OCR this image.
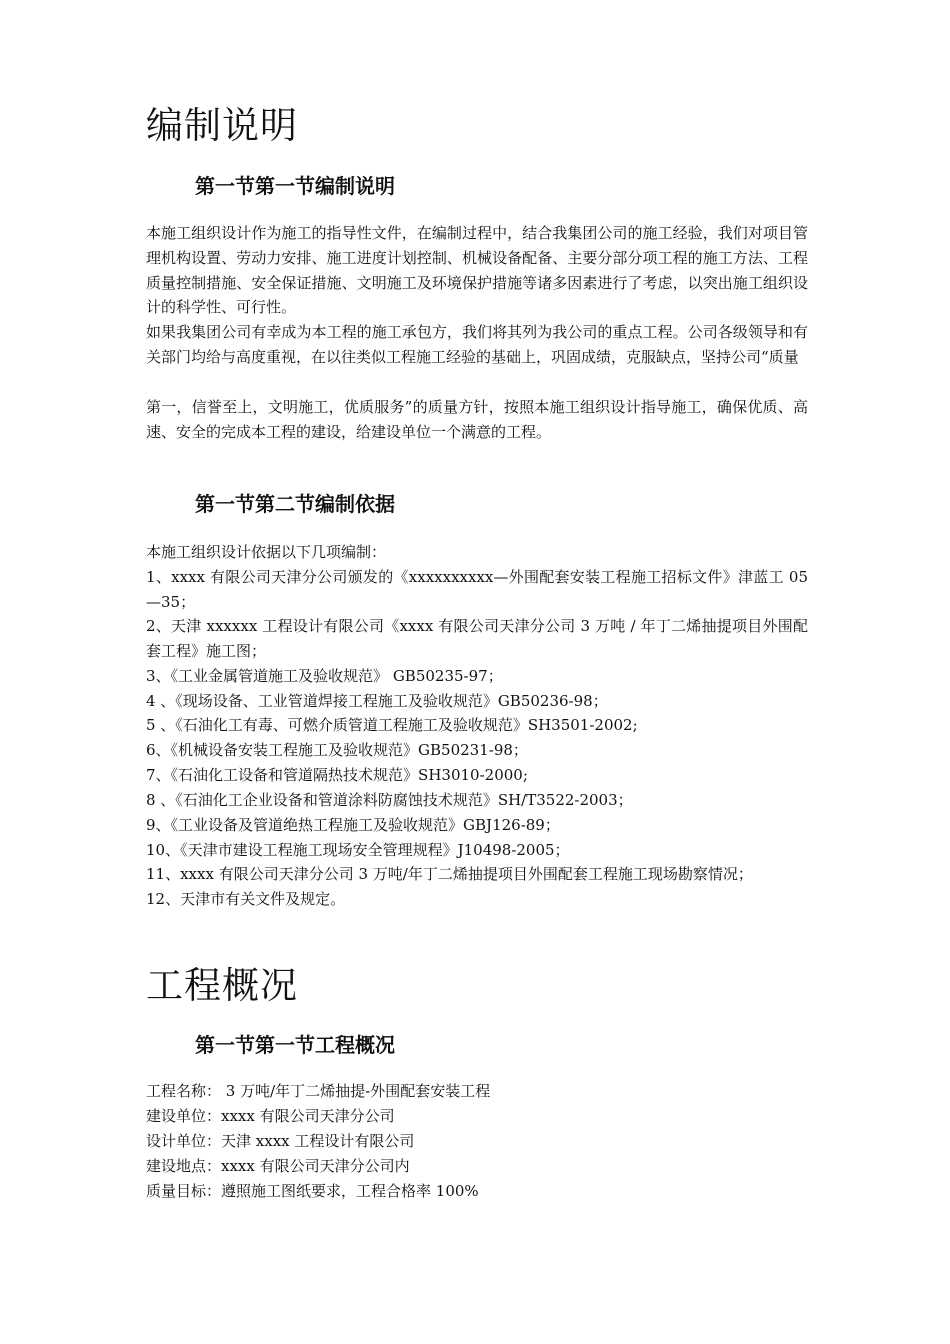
编制说明
第一节第一节编制说明

本施工组织设计作为施工的指导性文件，在编制过程中，结合我集团公司的施工经验，我们对项目管理机构设置、劳动力安排、施工进度计划控制、机械设备配备、主要分部分项工程的施工方法、工程质量控制措施、安全保证措施、文明施工及环境保护措施等诸多因素进行了考虑，以突出施工组织设计的科学性、可行性。

如果我集团公司有幸成为本工程的施工承包方，我们将其列为我公司的重点工程。公司各级领导和有关部门均给与高度重视，在以往类似工程施工经验的基础上，巩固成绩，克服缺点，坚持公司“质量

第一，信誉至上，文明施工，优质服务”的质量方针，按照本施工组织设计指导施工，确保优质、高速、安全的完成本工程的建设，给建设单位一个满意的工程。

第一节第二节编制依据

本施工组织设计依据以下几项编制：

1、xxxx 有限公司天津分公司颁发的《xxxxxxxxxx—外围配套安装工程施工招标文件》津蓝工 05—35；

2、天津 xxxxxx 工程设计有限公司《xxxx 有限公司天津分公司 3 万吨 / 年丁二烯抽提项目外围配套工程》施工图；

3、《工业金属管道施工及验收规范》 GB50235-97；

4 、《现场设备、工业管道焊接工程施工及验收规范》GB50236-98；

5 、《石油化工有毒、可燃介质管道工程施工及验收规范》SH3501-2002;

6、《机械设备安装工程施工及验收规范》GB50231-98；

7、《石油化工设备和管道隔热技术规范》SH3010-2000;

8 、《石油化工企业设备和管道涂料防腐蚀技术规范》SH/T3522-2003；

9、《工业设备及管道绝热工程施工及验收规范》GBJ126-89；

10、《天津市建设工程施工现场安全管理规程》J10498-2005；

11、xxxx 有限公司天津分公司 3 万吨/年丁二烯抽提项目外围配套工程施工现场勘察情况；

12、天津市有关文件及规定。

工程概况
第一节第一节工程概况

工程名称： 3 万吨/年丁二烯抽提-外围配套安装工程

建设单位：xxxx 有限公司天津分公司

设计单位：天津 xxxx 工程设计有限公司

建设地点：xxxx 有限公司天津分公司内

质量目标：遵照施工图纸要求，工程合格率 100%
